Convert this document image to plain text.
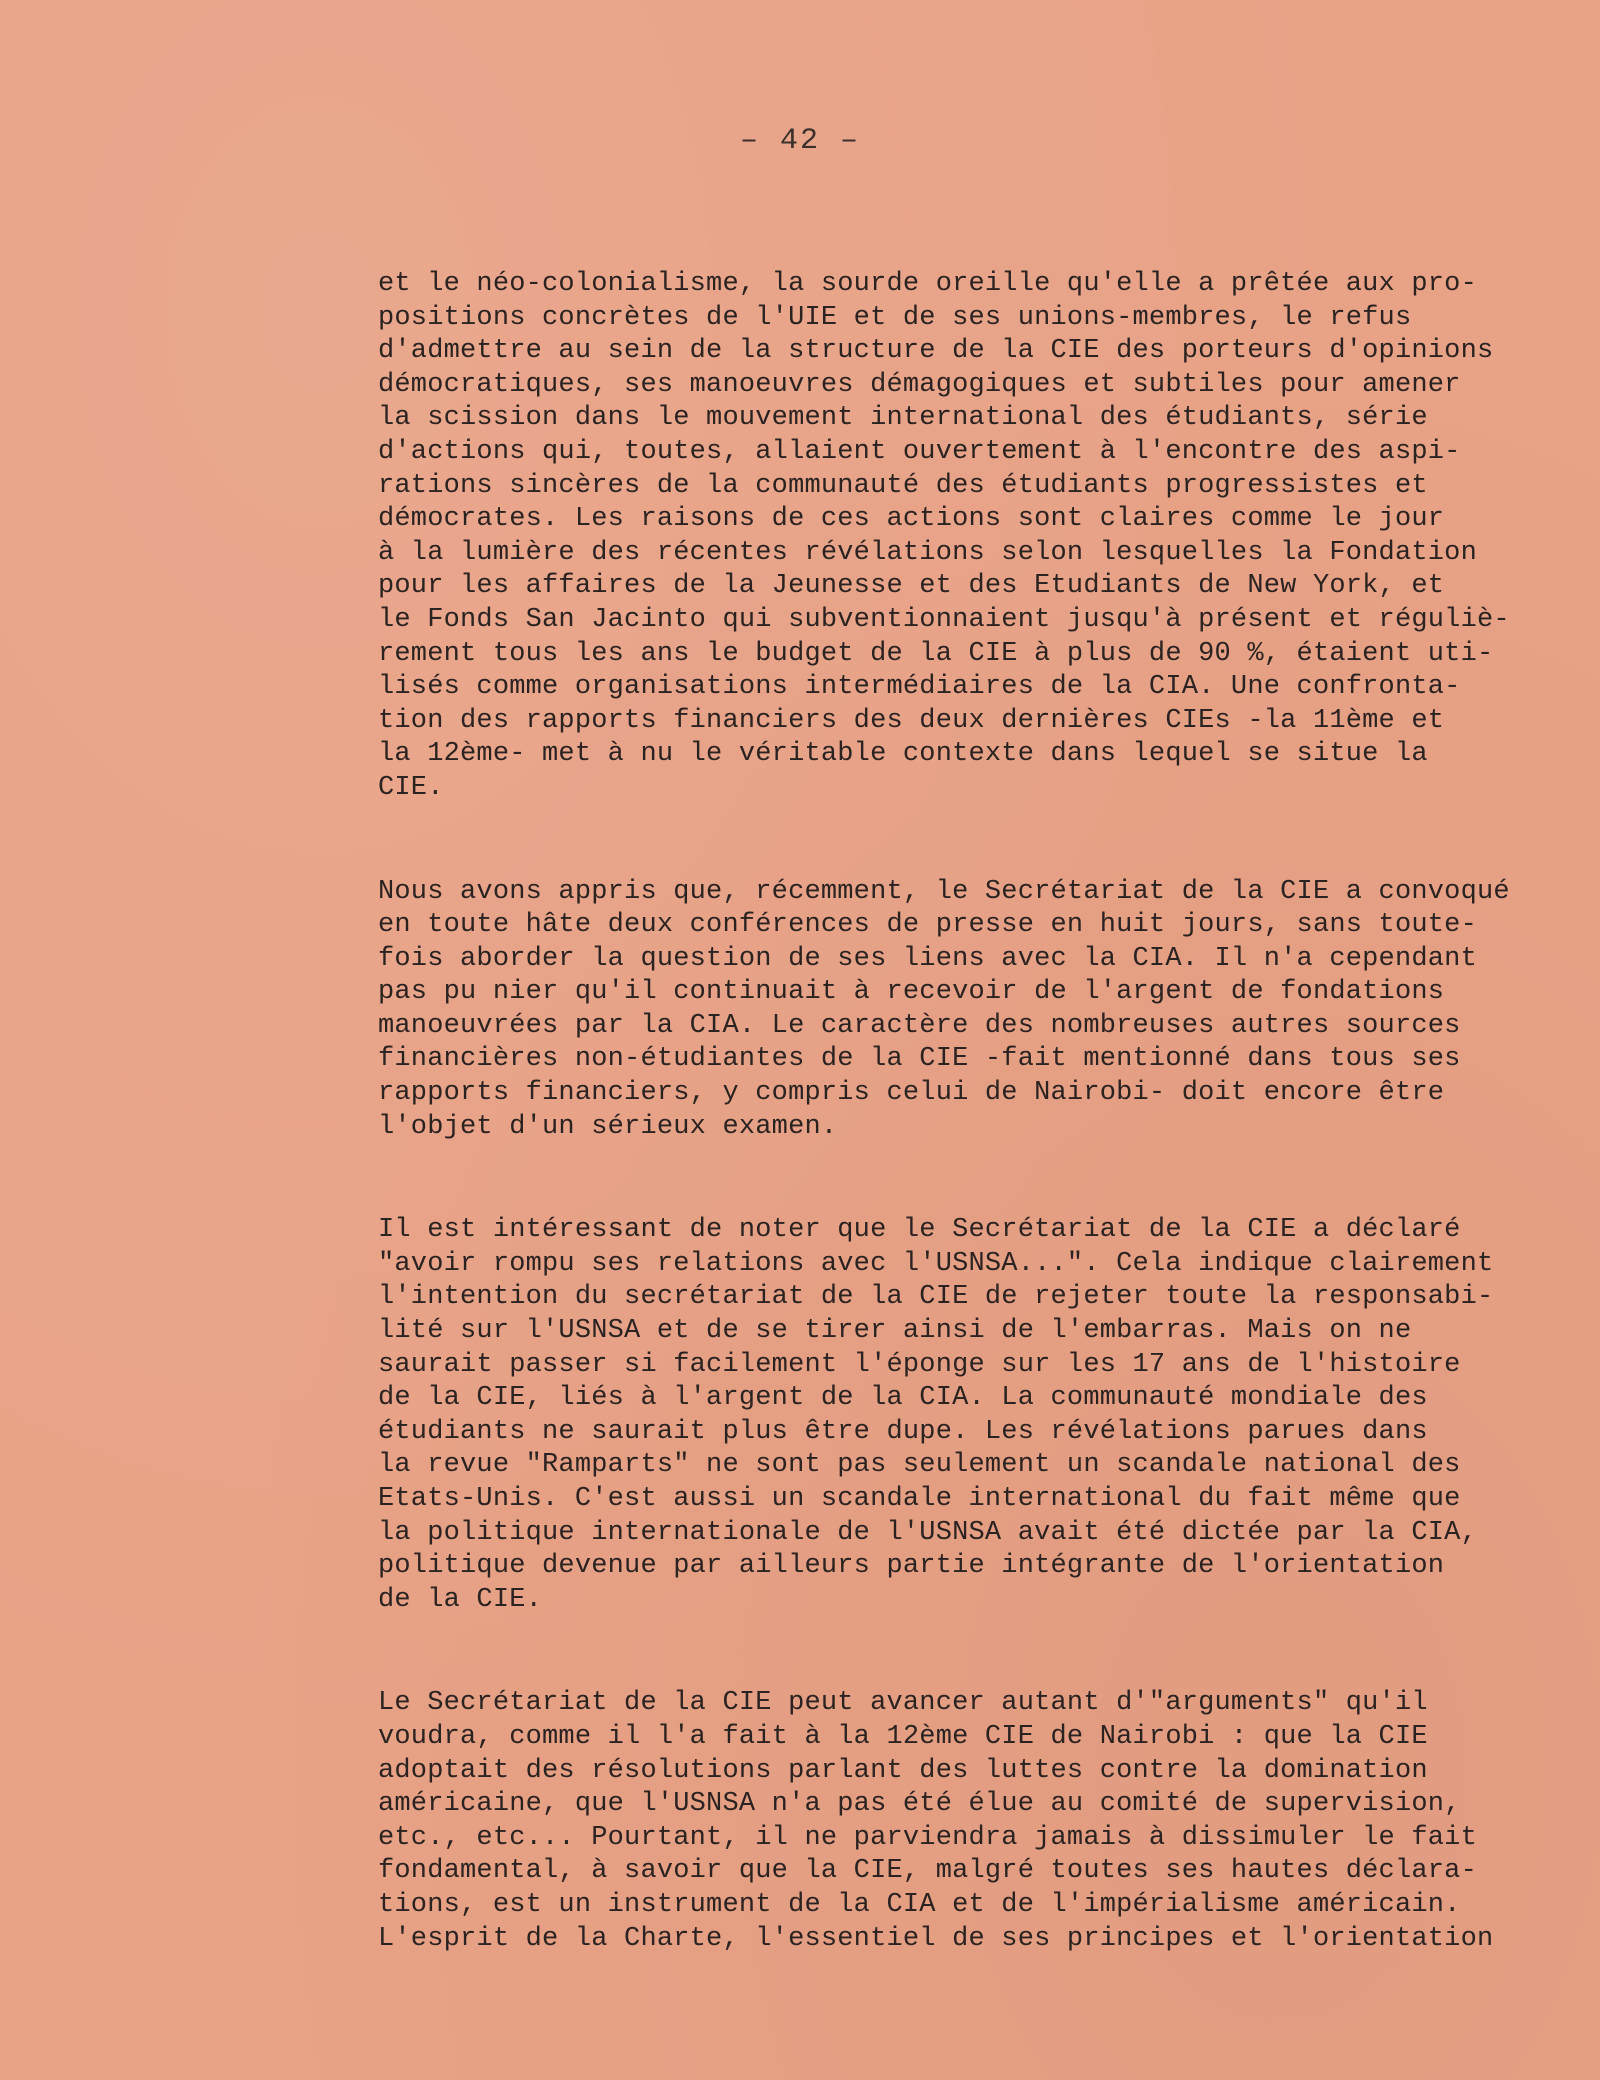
– 42 –
et le néo-colonialisme, la sourde oreille qu'elle a prêtée aux pro-
positions concrètes de l'UIE et de ses unions-membres, le refus
d'admettre au sein de la structure de la CIE des porteurs d'opinions
démocratiques, ses manoeuvres démagogiques et subtiles pour amener
la scission dans le mouvement international des étudiants, série
d'actions qui, toutes, allaient ouvertement à l'encontre des aspi-
rations sincères de la communauté des étudiants progressistes et
démocrates. Les raisons de ces actions sont claires comme le jour
à la lumière des récentes révélations selon lesquelles la Fondation
pour les affaires de la Jeunesse et des Etudiants de New York, et
le Fonds San Jacinto qui subventionnaient jusqu'à présent et réguliè-
rement tous les ans le budget de la CIE à plus de 90 %, étaient uti-
lisés comme organisations intermédiaires de la CIA. Une confronta-
tion des rapports financiers des deux dernières CIEs -la 11ème et
la 12ème- met à nu le véritable contexte dans lequel se situe la
CIE.
Nous avons appris que, récemment, le Secrétariat de la CIE a convoqué
en toute hâte deux conférences de presse en huit jours, sans toute-
fois aborder la question de ses liens avec la CIA. Il n'a cependant
pas pu nier qu'il continuait à recevoir de l'argent de fondations
manoeuvrées par la CIA. Le caractère des nombreuses autres sources
financières non-étudiantes de la CIE -fait mentionné dans tous ses
rapports financiers, y compris celui de Nairobi- doit encore être
l'objet d'un sérieux examen.
Il est intéressant de noter que le Secrétariat de la CIE a déclaré
"avoir rompu ses relations avec l'USNSA...". Cela indique clairement
l'intention du secrétariat de la CIE de rejeter toute la responsabi-
lité sur l'USNSA et de se tirer ainsi de l'embarras. Mais on ne
saurait passer si facilement l'éponge sur les 17 ans de l'histoire
de la CIE, liés à l'argent de la CIA. La communauté mondiale des
étudiants ne saurait plus être dupe. Les révélations parues dans
la revue "Ramparts" ne sont pas seulement un scandale national des
Etats-Unis. C'est aussi un scandale international du fait même que
la politique internationale de l'USNSA avait été dictée par la CIA,
politique devenue par ailleurs partie intégrante de l'orientation
de la CIE.
Le Secrétariat de la CIE peut avancer autant d'"arguments" qu'il
voudra, comme il l'a fait à la 12ème CIE de Nairobi : que la CIE
adoptait des résolutions parlant des luttes contre la domination
américaine, que l'USNSA n'a pas été élue au comité de supervision,
etc., etc... Pourtant, il ne parviendra jamais à dissimuler le fait
fondamental, à savoir que la CIE, malgré toutes ses hautes déclara-
tions, est un instrument de la CIA et de l'impérialisme américain.
L'esprit de la Charte, l'essentiel de ses principes et l'orientation
